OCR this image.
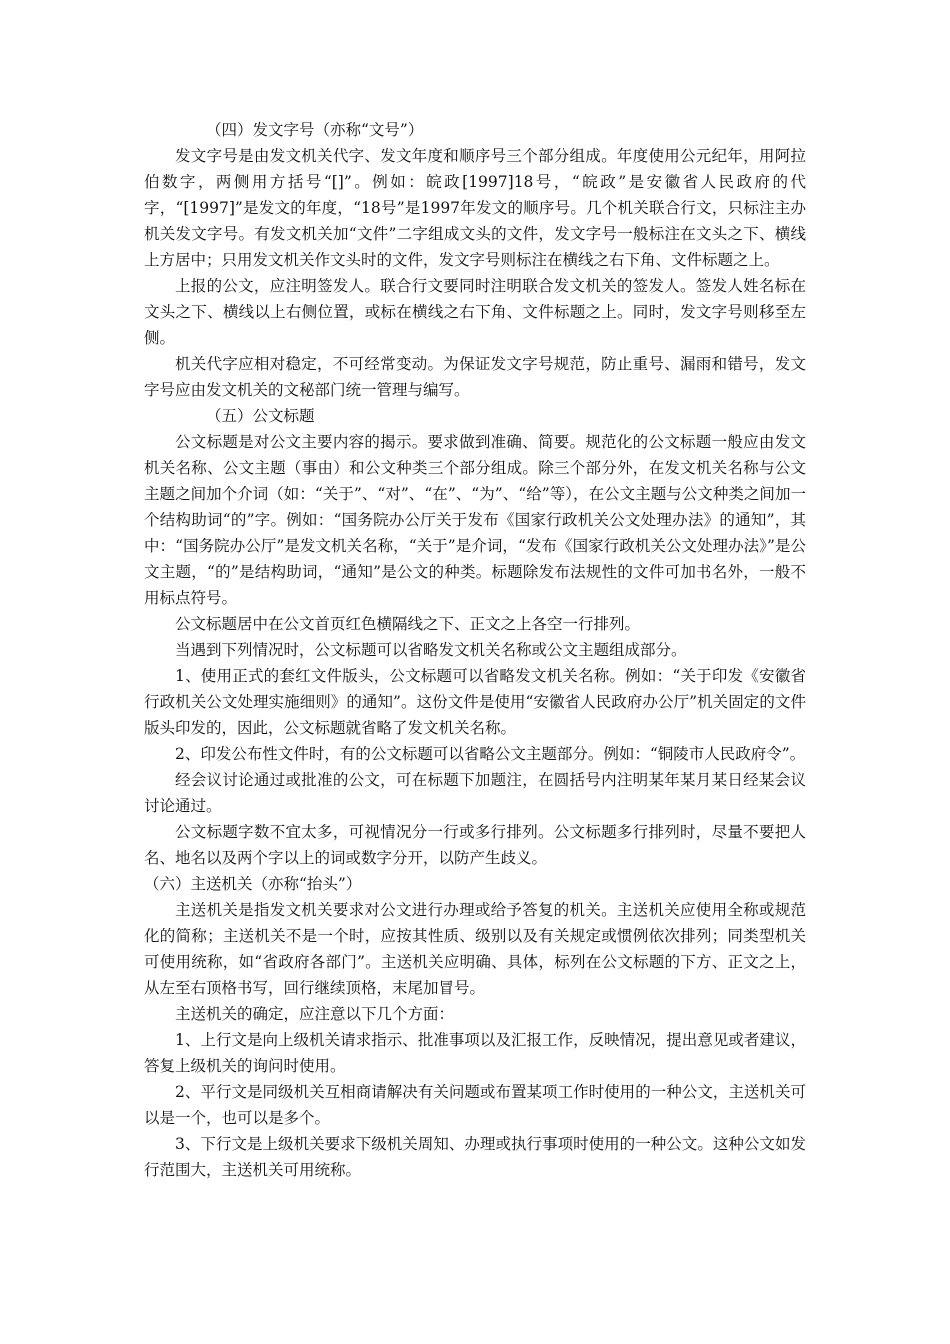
（四）发文字号（亦称“文号”）

发文字号是由发文机关代字、发文年度和顺序号三个部分组成。年度使用公元纪年，用阿拉伯数字，两侧用方括号“[]”。例如：皖政[1997]18号，“皖政”是安徽省人民政府的代字，“[1997]”是发文的年度，“18号”是1997年发文的顺序号。几个机关联合行文，只标注主办机关发文字号。有发文机关加“文件”二字组成文头的文件，发文字号一般标注在文头之下、横线上方居中；只用发文机关作文头时的文件，发文字号则标注在横线之右下角、文件标题之上。

上报的公文，应注明签发人。联合行文要同时注明联合发文机关的签发人。签发人姓名标在文头之下、横线以上右侧位置，或标在横线之右下角、文件标题之上。同时，发文字号则移至左侧。

机关代字应相对稳定，不可经常变动。为保证发文字号规范，防止重号、漏雨和错号，发文字号应由发文机关的文秘部门统一管理与编写。

（五）公文标题

公文标题是对公文主要内容的揭示。要求做到准确、简要。规范化的公文标题一般应由发文机关名称、公文主题（事由）和公文种类三个部分组成。除三个部分外，在发文机关名称与公文主题之间加个介词（如：“关于”、“对”、“在”、“为”、“给”等），在公文主题与公文种类之间加一个结构助词“的”字。例如：“国务院办公厅关于发布《国家行政机关公文处理办法》的通知”，其中：“国务院办公厅”是发文机关名称，“关于”是介词，“发布《国家行政机关公文处理办法》”是公文主题，“的”是结构助词，“通知”是公文的种类。标题除发布法规性的文件可加书名外，一般不用标点符号。

公文标题居中在公文首页红色横隔线之下、正文之上各空一行排列。

当遇到下列情况时，公文标题可以省略发文机关名称或公文主题组成部分。

1、使用正式的套红文件版头，公文标题可以省略发文机关名称。例如：“关于印发《安徽省行政机关公文处理实施细则》的通知”。这份文件是使用“安徽省人民政府办公厅”机关固定的文件版头印发的，因此，公文标题就省略了发文机关名称。

2、印发公布性文件时，有的公文标题可以省略公文主题部分。例如：“铜陵市人民政府令”。

经会议讨论通过或批准的公文，可在标题下加题注，在圆括号内注明某年某月某日经某会议讨论通过。

公文标题字数不宜太多，可视情况分一行或多行排列。公文标题多行排列时，尽量不要把人名、地名以及两个字以上的词或数字分开，以防产生歧义。

（六）主送机关（亦称“抬头”）

主送机关是指发文机关要求对公文进行办理或给予答复的机关。主送机关应使用全称或规范化的简称；主送机关不是一个时，应按其性质、级别以及有关规定或惯例依次排列；同类型机关可使用统称，如“省政府各部门”。主送机关应明确、具体，标列在公文标题的下方、正文之上，从左至右顶格书写，回行继续顶格，末尾加冒号。

主送机关的确定，应注意以下几个方面：

1、上行文是向上级机关请求指示、批准事项以及汇报工作，反映情况，提出意见或者建议，答复上级机关的询问时使用。

2、平行文是同级机关互相商请解决有关问题或布置某项工作时使用的一种公文，主送机关可以是一个，也可以是多个。

3、下行文是上级机关要求下级机关周知、办理或执行事项时使用的一种公文。这种公文如发行范围大，主送机关可用统称。
